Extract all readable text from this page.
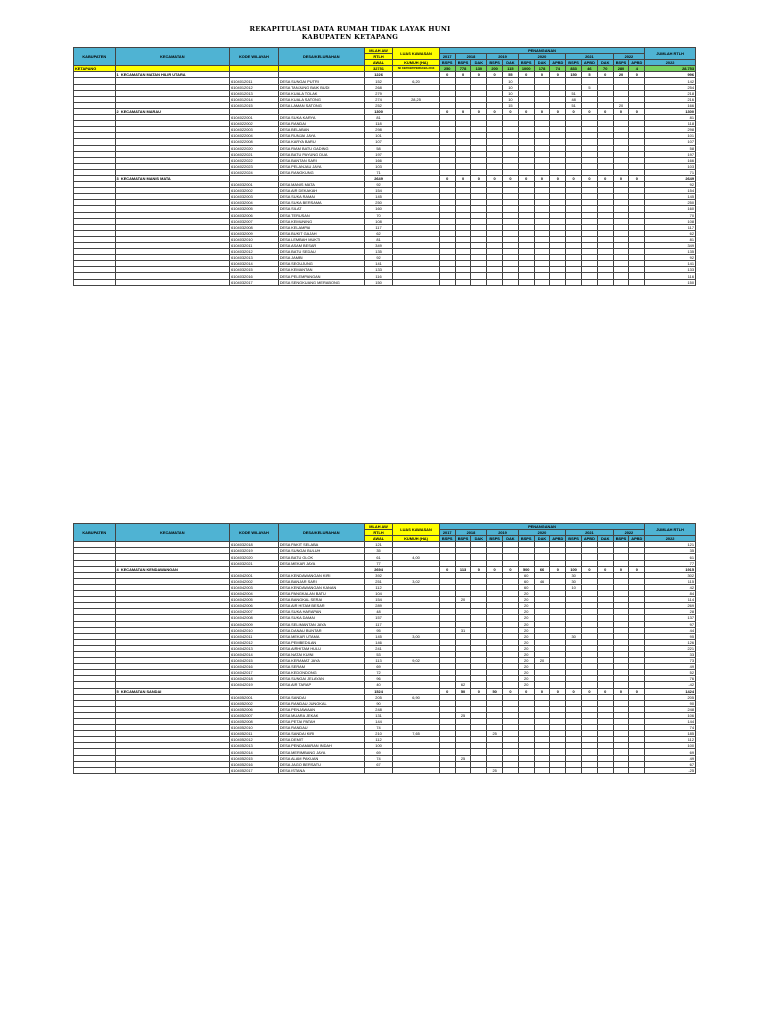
REKAPITULASI DATA RUMAH TIDAK LAYAK HUNI
KABUPATEN KETAPANG
KABUPATEN	KECAMATAN	KODE WILAYAH	DESA/KELURAHAN	MLAH AW	LUAS KAWASAN	PENANGANAN													JUMLAH RTLH
				RTLH		2017	2018		2019		2020			2021			2022		
				AWAL	KUMUH (HA)	BSPS	BSPS	DAK	BSPS	DAK	BSPS	DAK	APBD	BSPS	APBD	DAK	BSPS	APBD	2022
KETAPANG				32751	SK KEP/KEP/PERDA/BA-2013	250	778	130	200	115	1000	178	74	833	46	70	280	4	28.753
	1 KECAMATAN MATAN HILIR UTARA			1226		0	0	0	0	55	0	0	0	150	5	0	20	0	996
		6104012011	DESA SUNGAI PUTRI	152	6,20					10									142
		6104012012	DESA TANJUNG BAIK BUDI	268						10					5				254
		6104012013	DESA KUALA TOLAK	279						10				51					218
		6104012014	DESA KUALA SATONG	274	28,25					10				48					216
		6104012015	DESA LAMAN SATONG	252						15				51			20		166
	2 KECAMATAN MARAU			1300		0	0	0	0	0	0	0	0	0	0	0	0	0	1300
		6104022001	DESA SUKA KARYA	81															81
		6104022002	DESA RANDAI	118															118
		6104022003	DESA BELABAN	298															298
		6104022004	DESA RUNJAI JAYA	101															101
		6104022008	DESA KARYA BARU	107															107
		6104022020	DESA RIAM BATU GADING	58															58
		6104022021	DESA BATU PAYUNG DUA	197															197
		6104022022	DESA BANTAN SARI	166															166
		6104022023	DESA PELANJAU JAYA	103															103
		6104022024	DESA RANGKUNG	71															71
	3 KECAMATAN MANIS MATA			2649		0	0	0	0	0	0	0	0	0	0	0	0	0	2649
		6104032001	DESA MANIS MATA	92															92
		6104032002	DESA AIR DEKAKAH	154															154
		6104032003	DESA SUKA RAMAI	145															145
		6104032004	DESA SUKA BERSAMA	250															250
		6104032005	DESA SILAT	160															160
		6104032006	DESA TERUSAN	70															70
		6104032007	DESA KEMUNING	108															108
		6104032008	DESA KELAMPAI	117															117
		6104032009	DESA BUKIT GAJAH	62															62
		6104032010	DESA LEMBAH MUKTI	81															81
		6104032011	DESA ASAM BESAR	349															349
		6104032012	DESA BATU SEDAU	135															135
		6104032013	DESA JAMBI	92															92
		6104032014	DESA SEGUJUNG	141															141
		6104032015	DESA KEMANTAN	133															133
		6104032016	DESA PELEMPANGAN	116															116
		6104032017	DESA SENGKUANG MERABONG	150															150
KABUPATEN	KECAMATAN	KODE WILAYAH	DESA/KELURAHAN	MLAH AW	LUAS KAWASAN	PENANGANAN													JUMLAH RTLH
				RTLH		2017	2018		2019		2020			2021			2022		
				AWAL	KUMUH (HA)	BSPS	BSPS	DAK	BSPS	DAK	BSPS	DAK	APBD	BSPS	APBD	DAK	BSPS	APBD	2022
		6104032018	DESA PAKIT SELABA	121															121
		6104032019	DESA SUNGAI BULUH	35															35
		6104032020	DESA BATU GLOK	61	4,00														61
		6104032021	DESA MEKAR JAYA	77															77
	4 KECAMATAN KENDAWANGAN			2694		0	113	0	0	0	500	66	0	100	0	0	0	0	1915
		6104042001	DESA KENDAWANGAN KIRI	392							60			30					302
		6104042002	DESA BANJAR SARI	251	3,02						60	46		30					115
		6104042003	DESA KENDAWANGAN KANAN	112							60			10					42
		6104042004	DESA PANGKALAN BATU	104							20								84
		6104042005	DESA BANGKAL SERAI	154			20				20								114
		6104042006	DESA AIR HITAM BESAR	289							20								269
		6104042007	DESA SUKA HARAPAN	48							20								28
		6104042008	DESA SUKA DAMAI	157							20								137
		6104042009	DESA SELIMANTAN JAYA	117							20								97
		6104042010	DESA DANAU BUNTAR	95			31				20								44
		6104042011	DESA MEKAR UTAMA	145	3,00						20			30					95
		6104042012	DESA PEMBEDILAN	146							20								126
		6104042013	DESA AIRHITAM HULU	241							20								221
		6104042014	DESA NATAI KUINI	53							20								33
		6104042015	DESA KERAMAT JAYA	113	9,02						20	20							73
		6104042016	DESA SERAM	69							20								49
		6104042017	DESA KEDONDONG	72							20								52
		6104042018	DESA SUNGAI JELAYAN	96							20								76
		6104042019	DESA AIR TARAP	40			62				20								-42
	5 KECAMATAN SANDAI			1524		0	50	0	50	0	0	0	0	0	0	0	0	0	1424
		6104052001	DESA SANDAI	205	6,90														205
		6104052002	DESA RANDAU JUNGKAL	90															90
		6104052006	DESA PENJAWAAN	248															248
		6104052007	DESA MUARA JEKAK	131			25												106
		6104052008	DESA PETAI PATAH	144															144
		6104052010	DESA RANDAU	74															74
		6104052011	DESA SANDAI KIRI	210	7,65				25										185
		6104052012	DESA DEMIT	112															112
		6104052013	DESA PENDAMARAN INDAH	100															100
		6104052014	DESA MERIMBANG JAYA	69															69
		6104052015	DESA ALAM PAKUAN	74			25												49
		6104052016	DESA JAGO BERSATU	67															67
		6104052017	DESA ISTANA						25										-25
